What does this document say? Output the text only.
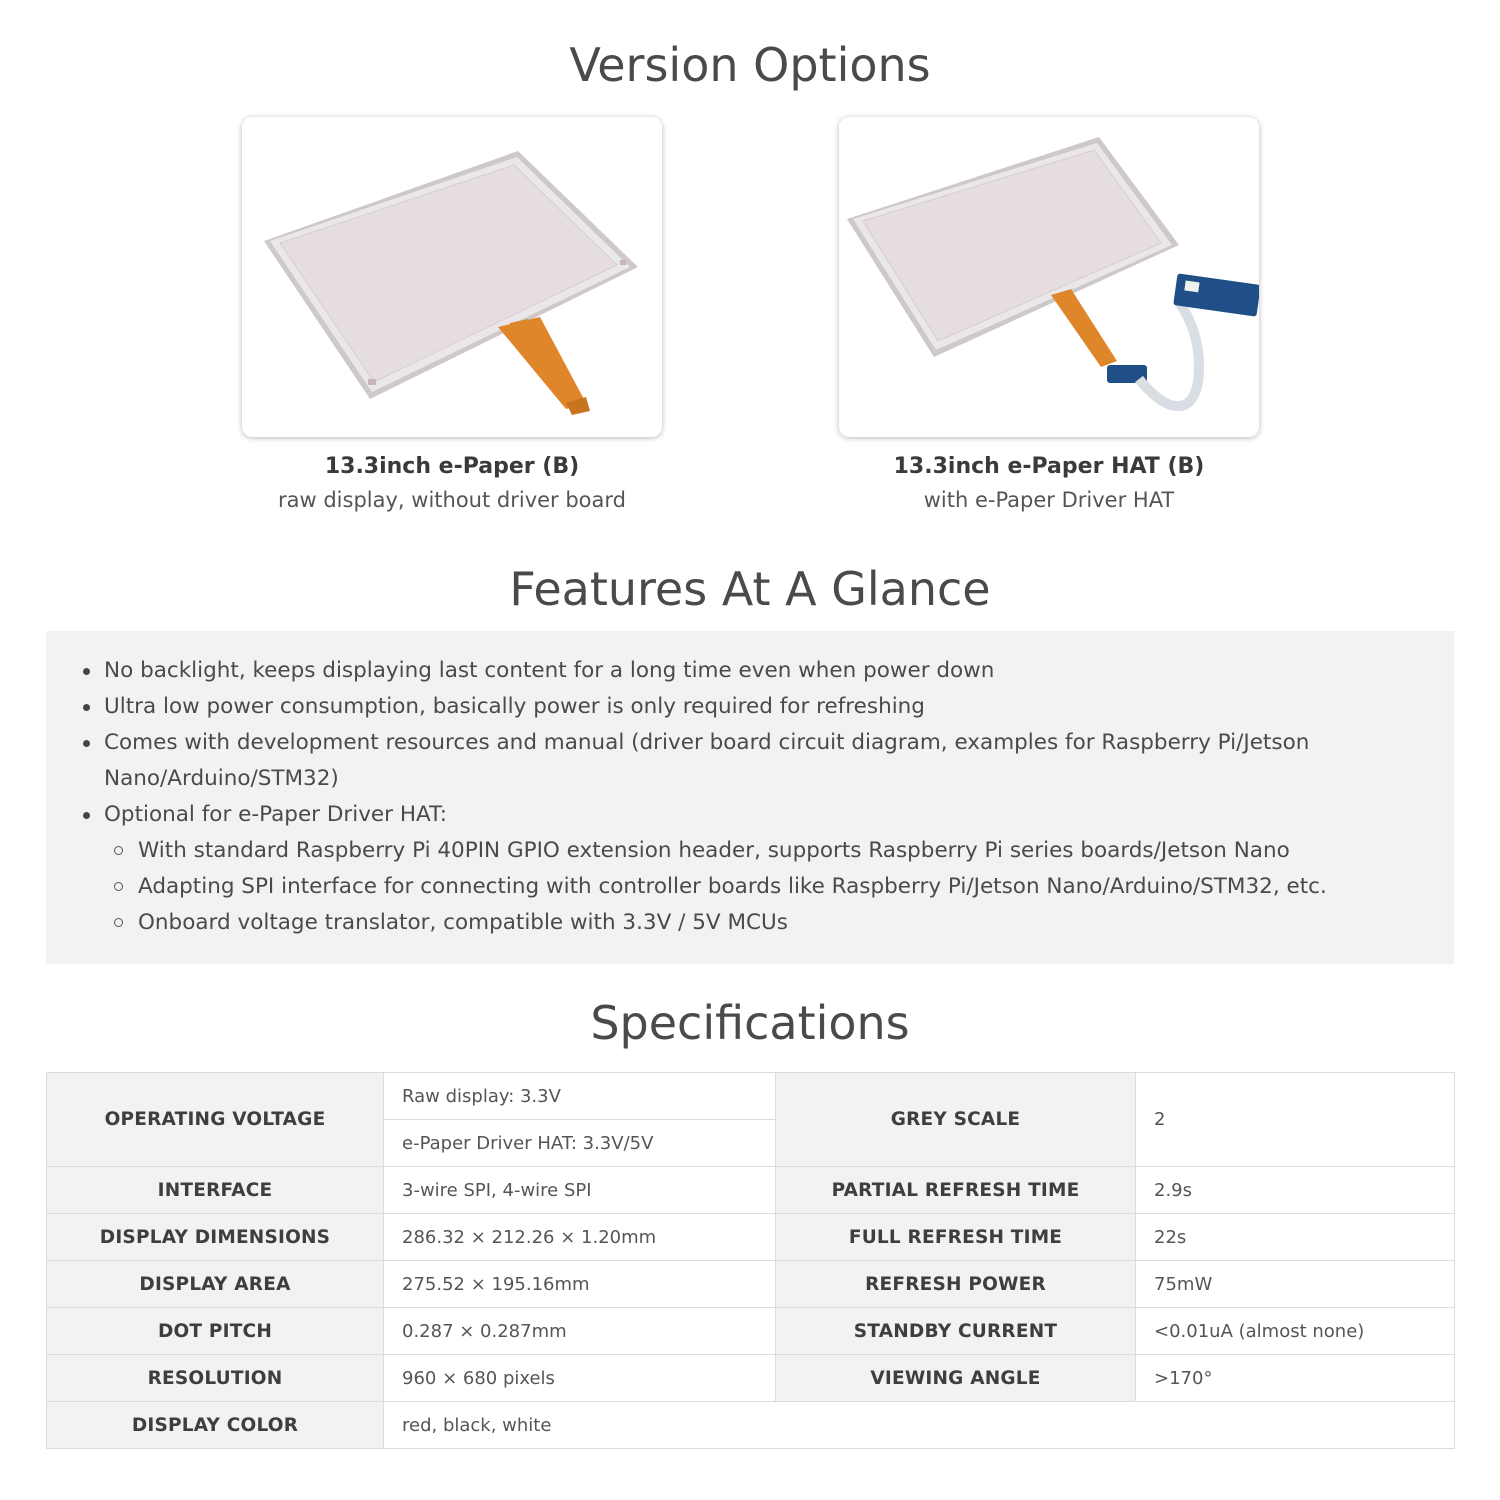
Version Options
13.3inch e-Paper (B)
raw display, without driver board
13.3inch e-Paper HAT (B)
with e-Paper Driver HAT
Features At A Glance
No backlight, keeps displaying last content for a long time even when power down
Ultra low power consumption, basically power is only required for refreshing
Comes with development resources and manual (driver board circuit diagram, examples for Raspberry Pi/Jetson Nano/Arduino/STM32)
Optional for e-Paper Driver HAT:
With standard Raspberry Pi 40PIN GPIO extension header, supports Raspberry Pi series boards/Jetson Nano
Adapting SPI interface for connecting with controller boards like Raspberry Pi/Jetson Nano/Arduino/STM32, etc.
Onboard voltage translator, compatible with 3.3V / 5V MCUs
Specifications
OPERATING VOLTAGE	Raw display: 3.3V	GREY SCALE	2
	e-Paper Driver HAT: 3.3V/5V		
INTERFACE	3-wire SPI, 4-wire SPI	PARTIAL REFRESH TIME	2.9s
DISPLAY DIMENSIONS	286.32 × 212.26 × 1.20mm	FULL REFRESH TIME	22s
DISPLAY AREA	275.52 × 195.16mm	REFRESH POWER	75mW
DOT PITCH	0.287 × 0.287mm	STANDBY CURRENT	<0.01uA (almost none)
RESOLUTION	960 × 680 pixels	VIEWING ANGLE	>170°
DISPLAY COLOR	red, black, white		
